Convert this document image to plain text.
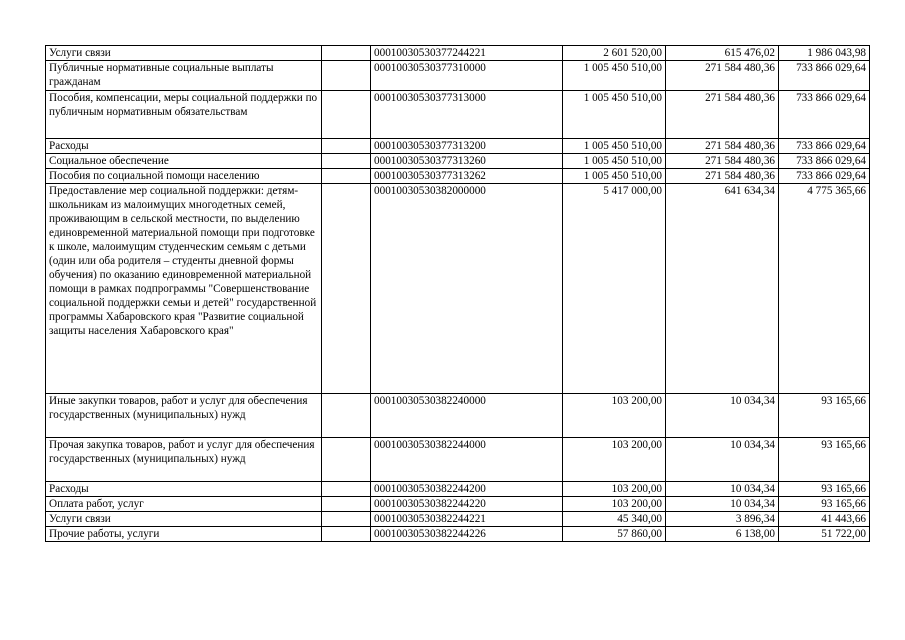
Услуги связи		00010030530377244221	2 601 520,00	615 476,02	1 986 043,98
Публичные нормативные социальные выплаты гражданам		00010030530377310000	1 005 450 510,00	271 584 480,36	733 866 029,64
Пособия, компенсации, меры социальной поддержки по публичным нормативным обязательствам		00010030530377313000	1 005 450 510,00	271 584 480,36	733 866 029,64
Расходы		00010030530377313200	1 005 450 510,00	271 584 480,36	733 866 029,64
Социальное обеспечение		00010030530377313260	1 005 450 510,00	271 584 480,36	733 866 029,64
Пособия по социальной помощи населению		00010030530377313262	1 005 450 510,00	271 584 480,36	733 866 029,64
Предоставление мер социальной поддержки: детям-школьникам из малоимущих многодетных семей, проживающим в сельской местности, по выделению единовременной материальной помощи при подготовке к школе, малоимущим студенческим семьям с детьми (один или оба родителя – студенты дневной формы обучения) по оказанию единовременной материальной помощи в рамках подпрограммы "Совершенствование социальной поддержки семьи и детей" государственной программы Хабаровского края "Развитие социальной защиты населения Хабаровского края"		00010030530382000000	5 417 000,00	641 634,34	4 775 365,66
Иные закупки товаров, работ и услуг для обеспечения государственных (муниципальных) нужд		00010030530382240000	103 200,00	10 034,34	93 165,66
Прочая закупка товаров, работ и услуг для обеспечения государственных (муниципальных) нужд		00010030530382244000	103 200,00	10 034,34	93 165,66
Расходы		00010030530382244200	103 200,00	10 034,34	93 165,66
Оплата работ, услуг		00010030530382244220	103 200,00	10 034,34	93 165,66
Услуги связи		00010030530382244221	45 340,00	3 896,34	41 443,66
Прочие работы, услуги		00010030530382244226	57 860,00	6 138,00	51 722,00
